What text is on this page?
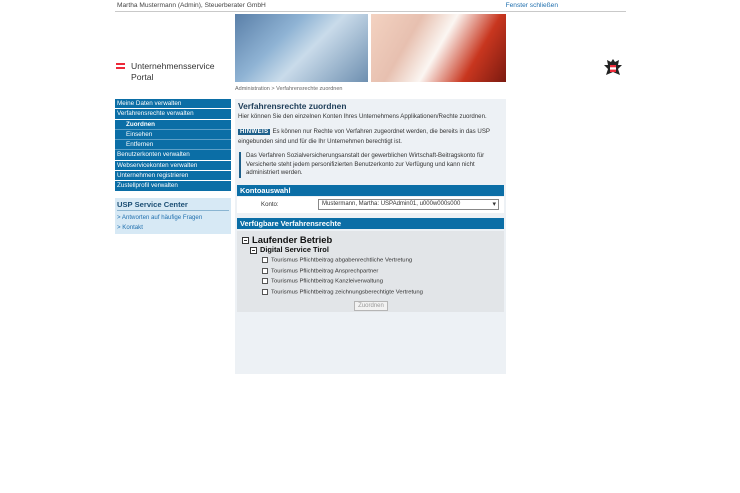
Martha Mustermann (Admin), Steuerberater GmbH	Fenster schließen
Unternehmensservice
Portal
Administration > Verfahrensrechte zuordnen
Meine Daten verwalten
Verfahrensrechte verwalten
Zuordnen
Einsehen
Entfernen
Benutzerkonten verwalten
Webservicekonten verwalten
Unternehmen registrieren
Zustellprofil verwalten
USP Service Center
> Antworten auf häufige Fragen
> Kontakt
Verfahrensrechte zuordnen
Hier können Sie den einzelnen Konten Ihres Unternehmens Applikationen/Rechte zuordnen.
HINWEIS Es können nur Rechte von Verfahren zugeordnet werden, die bereits in das USP eingebunden sind und für die Ihr Unternehmen berechtigt ist.
Das Verfahren Sozialversicherungsanstalt der gewerblichen Wirtschaft-Beitragskonto für Versicherte steht jedem personifizierten Benutzerkonto zur Verfügung und kann nicht administriert werden.
Kontoauswahl
Konto:	Mustermann, Martha: USPAdmin01, u000w000s000	▾
Verfügbare Verfahrensrechte
Laufender Betrieb
Digital Service Tirol
Tourismus Pflichtbeitrag abgabenrechtliche Vertretung
Tourismus Pflichtbeitrag Ansprechpartner
Tourismus Pflichtbeitrag Kanzleiverwaltung
Tourismus Pflichtbeitrag zeichnungsberechtigte Vertretung
Zuordnen
